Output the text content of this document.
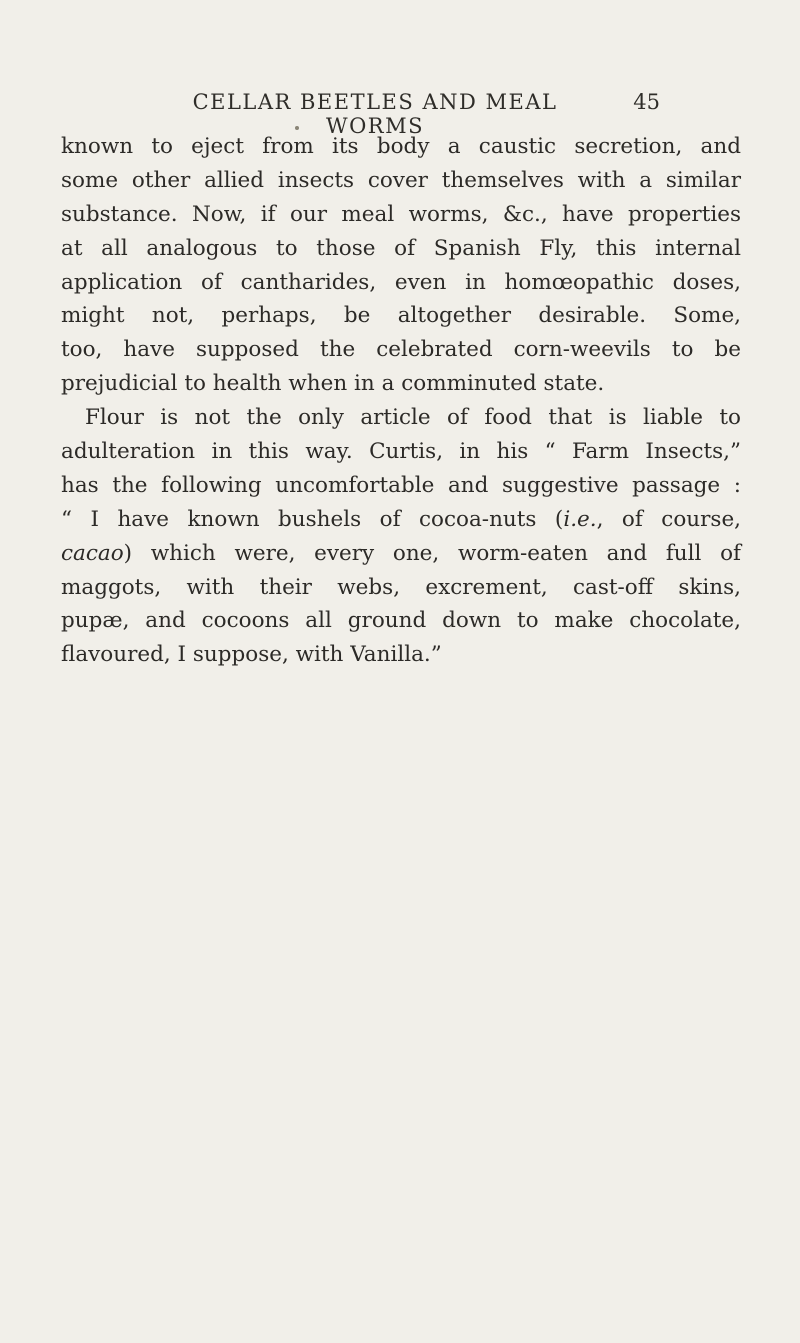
CELLAR BEETLES AND MEAL WORMS
45
known to eject from its body a caustic secretion, and
some other allied insects cover themselves with a similar
substance. Now, if our meal worms, &c., have properties
at all analogous to those of Spanish Fly, this internal
application of cantharides, even in homœopathic doses,
might not, perhaps, be altogether desirable. Some,
too, have supposed the celebrated corn-weevils to be
prejudicial to health when in a comminuted state.
Flour is not the only article of food that is liable to
adulteration in this way. Curtis, in his “ Farm Insects,”
has the following uncomfortable and suggestive passage :
“ I have known bushels of cocoa-nuts (i.e., of course,
cacao) which were, every one, worm-eaten and full of
maggots, with their webs, excrement, cast-off skins,
pupæ, and cocoons all ground down to make chocolate,
flavoured, I suppose, with Vanilla.”
